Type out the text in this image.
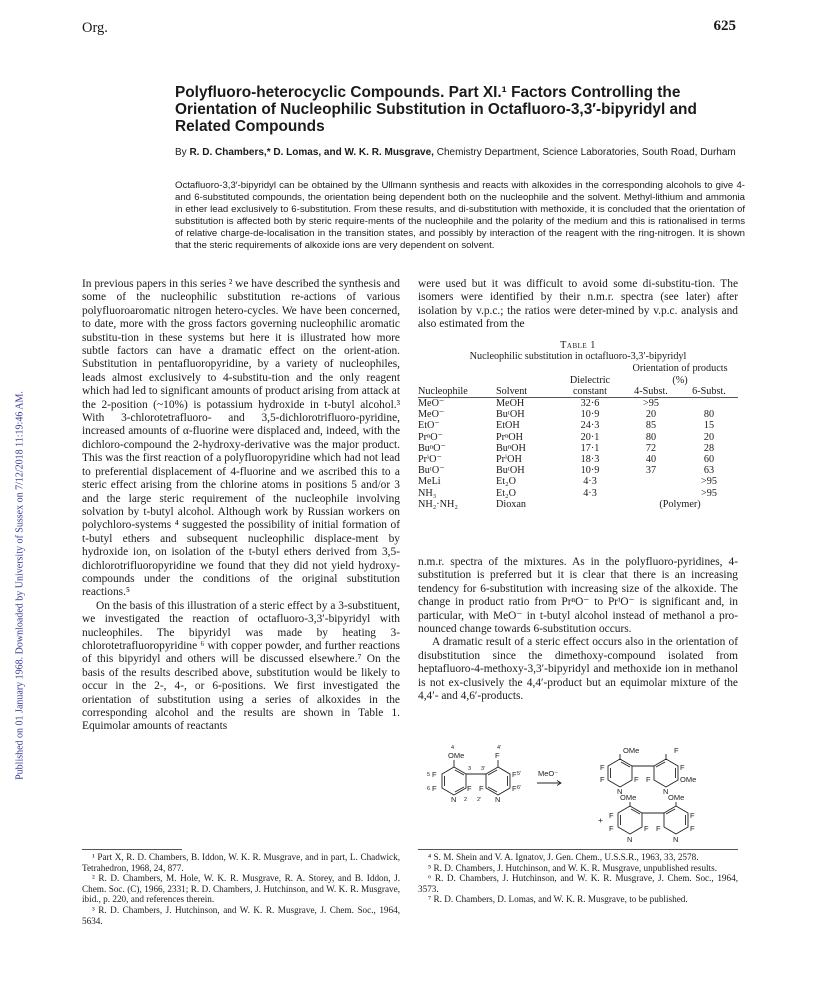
Org.	625
Published on 01 January 1968. Downloaded by University of Sussex on 7/12/2018 11:19:46 AM.
Polyfluoro-heterocyclic Compounds. Part XI.¹ Factors Controlling the Orientation of Nucleophilic Substitution in Octafluoro-3,3′-bipyridyl and Related Compounds
By R. D. Chambers,* D. Lomas, and W. K. R. Musgrave, Chemistry Department, Science Laboratories, South Road, Durham
Octafluoro-3,3′-bipyridyl can be obtained by the Ullmann synthesis and reacts with alkoxides in the corresponding alcohols to give 4- and 6-substituted compounds, the orientation being dependent both on the nucleophile and the solvent. Methyl-lithium and ammonia in ether lead exclusively to 6-substitution. From these results, and di-substitution with methoxide, it is concluded that the orientation of substitution is affected both by steric require-ments of the nucleophile and the polarity of the medium and this is rationalised in terms of relative charge-de-localisation in the transition states, and possibly by interaction of the reagent with the ring-nitrogen. It is shown that the steric requirements of alkoxide ions are very dependent on solvent.

In previous papers in this series ² we have described the synthesis and some of the nucleophilic substitution re-actions of various polyfluoroaromatic nitrogen hetero-cycles. We have been concerned, to date, more with the gross factors governing nucleophilic aromatic substitu-tion in these systems but here it is illustrated how more subtle factors can have a dramatic effect on the orient-ation. Substitution in pentafluoropyridine, by a variety of nucleophiles, leads almost exclusively to 4-substitu-tion and the only reagent which had led to significant amounts of product arising from attack at the 2-position (~10%) is potassium hydroxide in t-butyl alcohol.³ With 3-chlorotetrafluoro- and 3,5-dichlorotrifluoro-pyridine, increased amounts of α-fluorine were displaced and, indeed, with the dichloro-compound the 2-hydroxy-derivative was the major product. This was the first reaction of a polyfluoropyridine which had not lead to preferential displacement of 4-fluorine and we ascribed this to a steric effect arising from the chlorine atoms in positions 5 and/or 3 and the large steric requirement of the nucleophile involving solvation by t-butyl alcohol. Although work by Russian workers on polychloro-systems ⁴ suggested the possibility of initial formation of t-butyl ethers and subsequent nucleophilic displace-ment by hydroxide ion, on isolation of the t-butyl ethers derived from 3,5-dichlorotrifluoropyridine we found that they did not yield hydroxy-compounds under the conditions of the original substitution reactions.⁵

On the basis of this illustration of a steric effect by a 3-substituent, we investigated the reaction of octafluoro-3,3′-bipyridyl with nucleophiles. The bipyridyl was made by heating 3-chlorotetrafluoropyridine ⁶ with copper powder, and further reactions of this bipyridyl and others will be discussed elsewhere.⁷ On the basis of the results described above, substitution would be likely to occur in the 2-, 4-, or 6-positions. We first investigated the orientation of substitution using a series of alkoxides in the corresponding alcohol and the results are shown in Table 1. Equimolar amounts of reactants

were used but it was difficult to avoid some di-substitu-tion. The isomers were identified by their n.m.r. spectra (see later) after isolation by v.p.c.; the ratios were deter-mined by v.p.c. analysis and also estimated from the

Table 1
Nucleophilic substitution in octafluoro-3,3′-bipyridyl
			Orientation of products	
		Dielectric	(%)	
Nucleophile	Solvent	constant	4-Subst.	6-Subst.

MeO⁻	MeOH	32·6	>95	
MeO⁻	BuᵗOH	10·9	20	80
EtO⁻	EtOH	24·3	85	15
PrⁿO⁻	PrⁿOH	20·1	80	20
BuⁿO⁻	BuⁿOH	17·1	72	28
PrⁱO⁻	PrⁱOH	18·3	40	60
BuᵗO⁻	BuᵗOH	10·9	37	63
MeLi	Et₂O	4·3		>95
NH₃	Et₂O	4·3		>95
NH₂·NH₂	Dioxan		(Polymer)	

n.m.r. spectra of the mixtures. As in the polyfluoro-pyridines, 4-substitution is preferred but it is clear that there is an increasing tendency for 6-substitution with increasing size of the alkoxide. The change in product ratio from PrⁿO⁻ to PrⁱO⁻ is significant and, in particular, with MeO⁻ in t-butyl alcohol instead of methanol a pro-nounced change towards 6-substitution occurs.

A dramatic result of a steric effect occurs also in the orientation of disubstitution since the dimethoxy-compound isolated from heptafluoro-4-methoxy-3,3′-bipyridyl and methoxide ion in methanol is not ex-clusively the 4,4′-product but an equimolar mixture of the 4,4′- and 4,6′-products.

4
OMe
4′
F
5 F
6 F
3 3′
F F
N 2 2′ N
F 5′
F 6′
MeO⁻
OMe	F
F
F	F F
N	N
F
OMe
+
OMe	OMe
F
F	F F
N	N
F
F

¹ Part X, R. D. Chambers, B. Iddon, W. K. R. Musgrave, and in part, L. Chadwick, Tetrahedron, 1968, 24, 877.

² R. D. Chambers, M. Hole, W. K. R. Musgrave, R. A. Storey, and B. Iddon, J. Chem. Soc. (C), 1966, 2331; R. D. Chambers, J. Hutchinson, and W. K. R. Musgrave, ibid., p. 220, and references therein.

³ R. D. Chambers, J. Hutchinson, and W. K. R. Musgrave, J. Chem. Soc., 1964, 5634.

⁴ S. M. Shein and V. A. Ignatov, J. Gen. Chem., U.S.S.R., 1963, 33, 2578.

⁵ R. D. Chambers, J. Hutchinson, and W. K. R. Musgrave, unpublished results.

⁶ R. D. Chambers, J. Hutchinson, and W. K. R. Musgrave, J. Chem. Soc., 1964, 3573.

⁷ R. D. Chambers, D. Lomas, and W. K. R. Musgrave, to be published.
